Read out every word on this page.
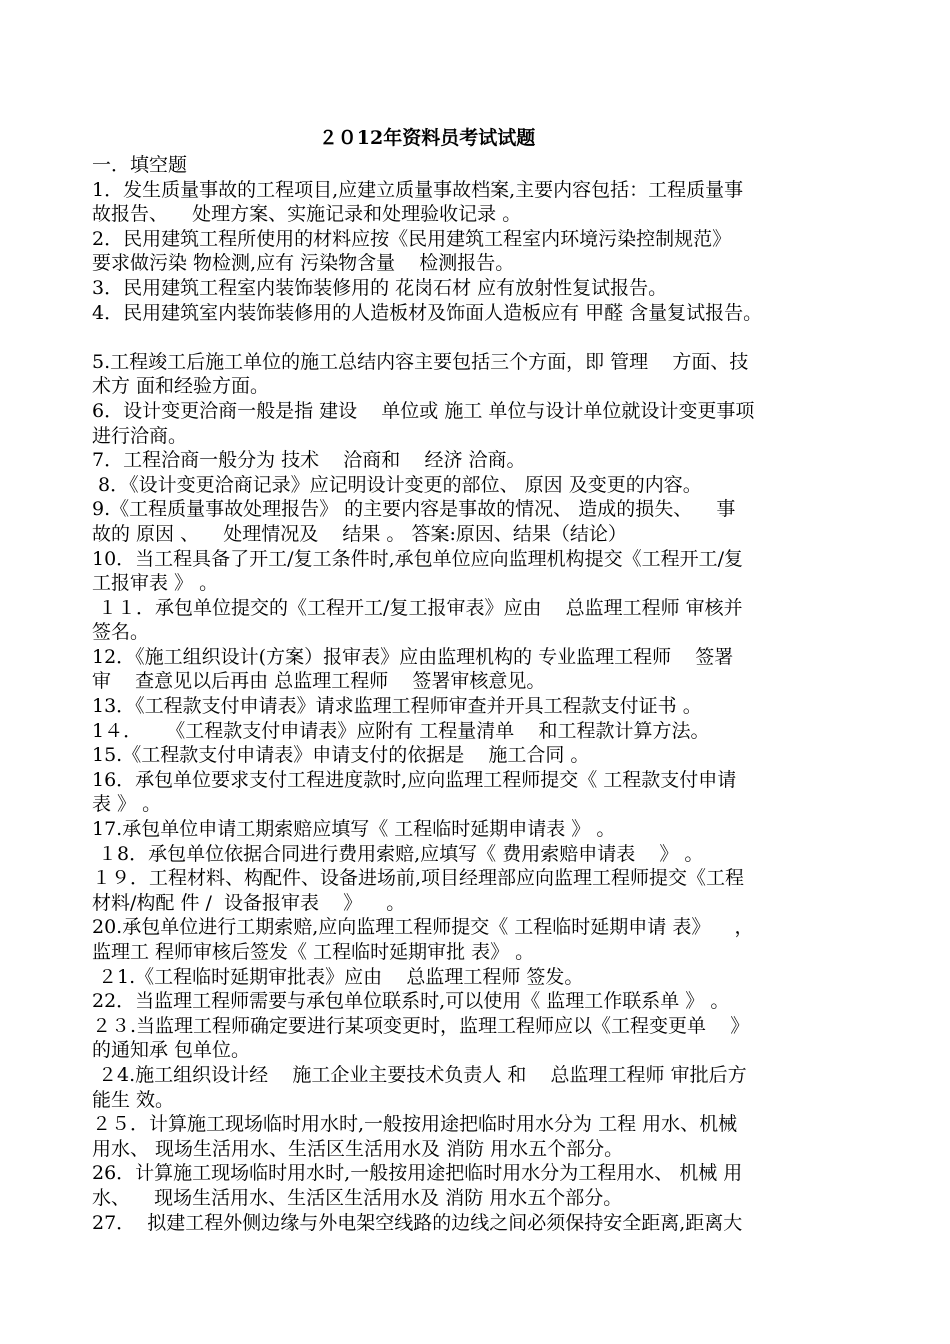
２０12年资料员考试试题
一．填空题
1．发生质量事故的工程项目,应建立质量事故档案,主要内容包括：工程质量事
故报告、    处理方案、实施记录和处理验收记录 。
2．民用建筑工程所使用的材料应按《民用建筑工程室内环境污染控制规范》
要求做污染 物检测,应有 污染物含量    检测报告。
3．民用建筑工程室内装饰装修用的 花岗石材 应有放射性复试报告。
4．民用建筑室内装饰装修用的人造板材及饰面人造板应有 甲醛 含量复试报告。
5.工程竣工后施工单位的施工总结内容主要包括三个方面，即 管理    方面、技
术方 面和经验方面。
6．设计变更洽商一般是指 建设    单位或 施工 单位与设计单位就设计变更事项
进行洽商。
7．工程洽商一般分为 技术    洽商和    经济 洽商。
8．《设计变更洽商记录》应记明设计变更的部位、 原因 及变更的内容。
9.《工程质量事故处理报告》 的主要内容是事故的情况、 造成的损失、    事
故的 原因 、    处理情况及    结果 。 答案:原因、结果（结论）
10．当工程具备了开工/复工条件时,承包单位应向监理机构提交《工程开工/复
工报审表 》 。
１１．承包单位提交的《工程开工/复工报审表》应由    总监理工程师 审核并
签名。
12．《施工组织设计(方案）报审表》应由监理机构的 专业监理工程师    签署
审    查意见以后再由 总监理工程师    签署审核意见。
13．《工程款支付申请表》请求监理工程师审查并开具工程款支付证书 。
1４．    《工程款支付申请表》应附有 工程量清单    和工程款计算方法。
15.《工程款支付申请表》申请支付的依据是    施工合同 。
16．承包单位要求支付工程进度款时,应向监理工程师提交《 工程款支付申请
表 》 。
17.承包单位申请工期索赔应填写《 工程临时延期申请表 》 。
１8．承包单位依据合同进行费用索赔,应填写《 费用索赔申请表    》 。
１９．工程材料、构配件、设备进场前,项目经理部应向监理工程师提交《工程
材料/构配 件 /  设备报审表    》    。
20.承包单位进行工期索赔,应向监理工程师提交《 工程临时延期申请 表》    ，
监理工 程师审核后签发《 工程临时延期审批 表》 。
２1.《工程临时延期审批表》应由    总监理工程师 签发。
22．当监理工程师需要与承包单位联系时,可以使用《 监理工作联系单 》 。
２３.当监理工程师确定要进行某项变更时，监理工程师应以《工程变更单    》
的通知承 包单位。
２4.施工组织设计经    施工企业主要技术负责人 和    总监理工程师 审批后方
能生 效。
２５．计算施工现场临时用水时,一般按用途把临时用水分为 工程 用水、机械
用水、 现场生活用水、生活区生活用水及 消防 用水五个部分。
26．计算施工现场临时用水时,一般按用途把临时用水分为工程用水、 机械 用
水、    现场生活用水、生活区生活用水及 消防 用水五个部分。
27．  拟建工程外侧边缘与外电架空线路的边线之间必须保持安全距离,距离大
